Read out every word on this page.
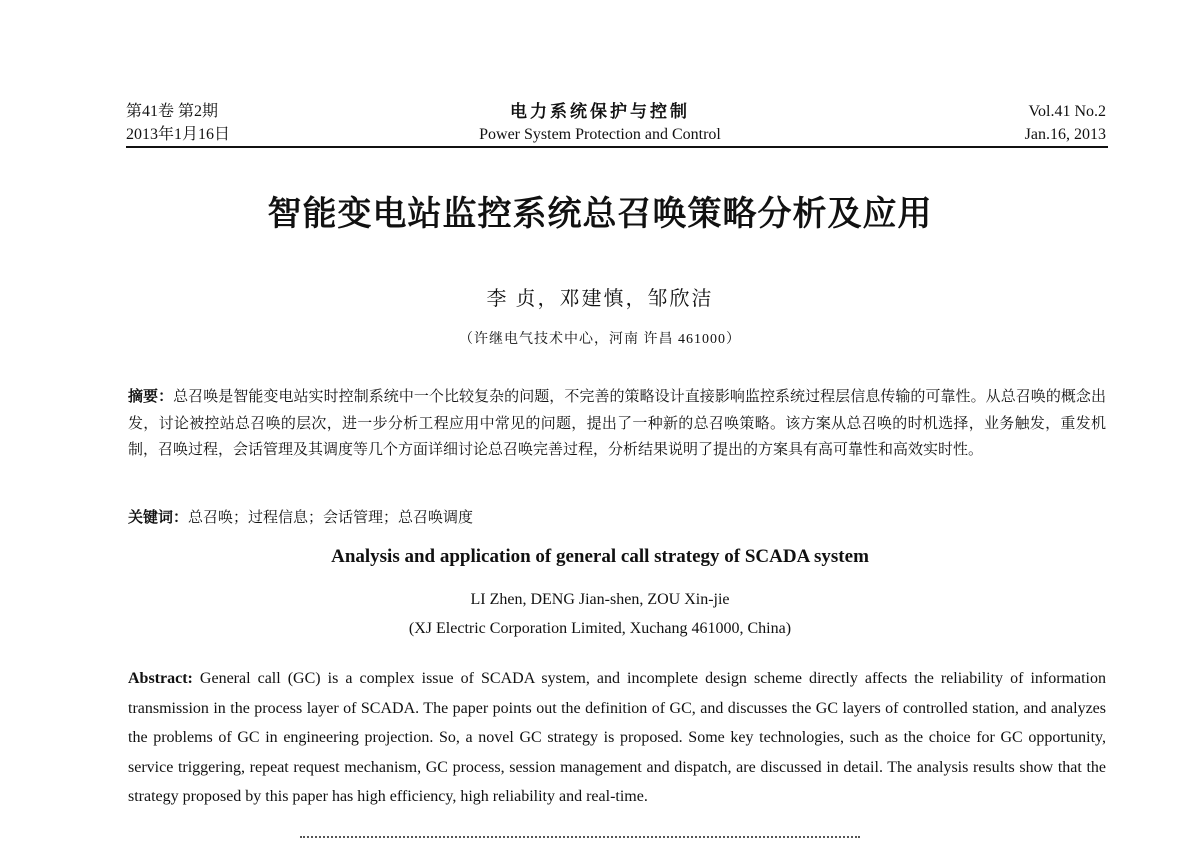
第41卷 第2期
2013年1月16日
电力系统保护与控制
Power System Protection and Control
Vol.41 No.2
Jan.16, 2013
智能变电站监控系统总召唤策略分析及应用
李 贞，邓建慎，邹欣洁
（许继电气技术中心，河南 许昌 461000）
摘要：总召唤是智能变电站实时控制系统中一个比较复杂的问题，不完善的策略设计直接影响监控系统过程层信息传输的可靠性。从总召唤的概念出发，讨论被控站总召唤的层次，进一步分析工程应用中常见的问题，提出了一种新的总召唤策略。该方案从总召唤的时机选择，业务触发，重发机制，召唤过程，会话管理及其调度等几个方面详细讨论总召唤完善过程，分析结果说明了提出的方案具有高可靠性和高效实时性。
关键词：总召唤；过程信息；会话管理；总召唤调度
Analysis and application of general call strategy of SCADA system
LI Zhen, DENG Jian-shen, ZOU Xin-jie
(XJ Electric Corporation Limited, Xuchang 461000, China)
Abstract: General call (GC) is a complex issue of SCADA system, and incomplete design scheme directly affects the reliability of information transmission in the process layer of SCADA. The paper points out the definition of GC, and discusses the GC layers of controlled station, and analyzes the problems of GC in engineering projection. So, a novel GC strategy is proposed. Some key technologies, such as the choice for GC opportunity, service triggering, repeat request mechanism, GC process, session management and dispatch, are discussed in detail. The analysis results show that the strategy proposed by this paper has high efficiency, high reliability and real-time.
